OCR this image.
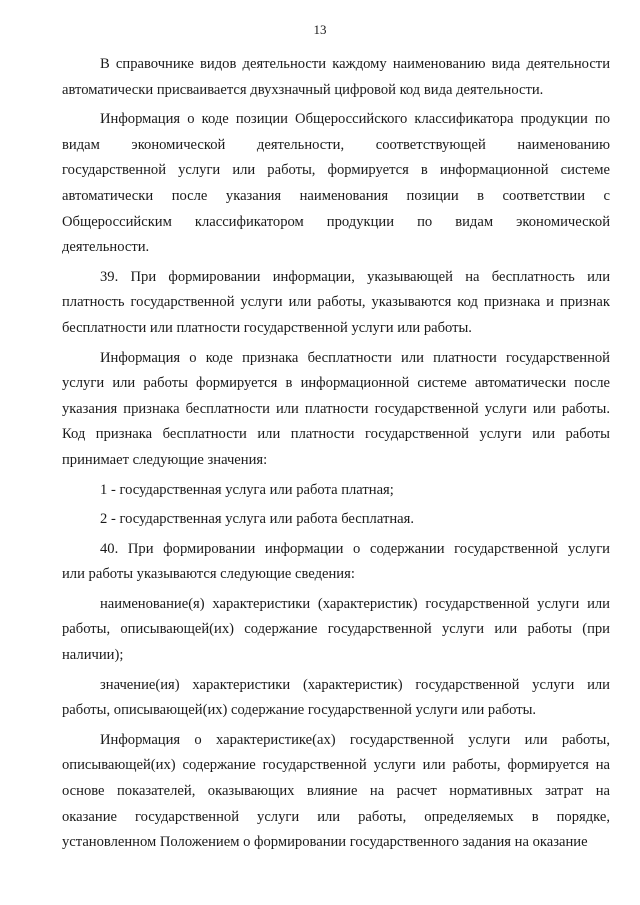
13
В справочнике видов деятельности каждому наименованию вида деятельности
автоматически присваивается двухзначный цифровой код вида деятельности.
Информация о коде позиции Общероссийского классификатора продукции по
видам экономической деятельности, соответствующей наименованию
государственной услуги или работы, формируется в информационной системе
автоматически после указания наименования позиции в соответствии с
Общероссийским классификатором продукции по видам экономической
деятельности.
39. При формировании информации, указывающей на бесплатность или
платность государственной услуги или работы, указываются код признака и признак
бесплатности или платности государственной услуги или работы.
Информация о коде признака бесплатности или платности государственной
услуги или работы формируется в информационной системе автоматически после
указания признака бесплатности или платности государственной услуги или работы.
Код признака бесплатности или платности государственной услуги или работы
принимает следующие значения:
1 - государственная услуга или работа платная;
2 - государственная услуга или работа бесплатная.
40. При формировании информации о содержании государственной услуги
или работы указываются следующие сведения:
наименование(я) характеристики (характеристик) государственной услуги или
работы, описывающей(их) содержание государственной услуги или работы (при
наличии);
значение(ия) характеристики (характеристик) государственной услуги или
работы, описывающей(их) содержание государственной услуги или работы.
Информация о характеристике(ах) государственной услуги или работы,
описывающей(их) содержание государственной услуги или работы, формируется на
основе показателей, оказывающих влияние на расчет нормативных затрат на
оказание государственной услуги или работы, определяемых в порядке,
установленном Положением о формировании государственного задания на оказание
